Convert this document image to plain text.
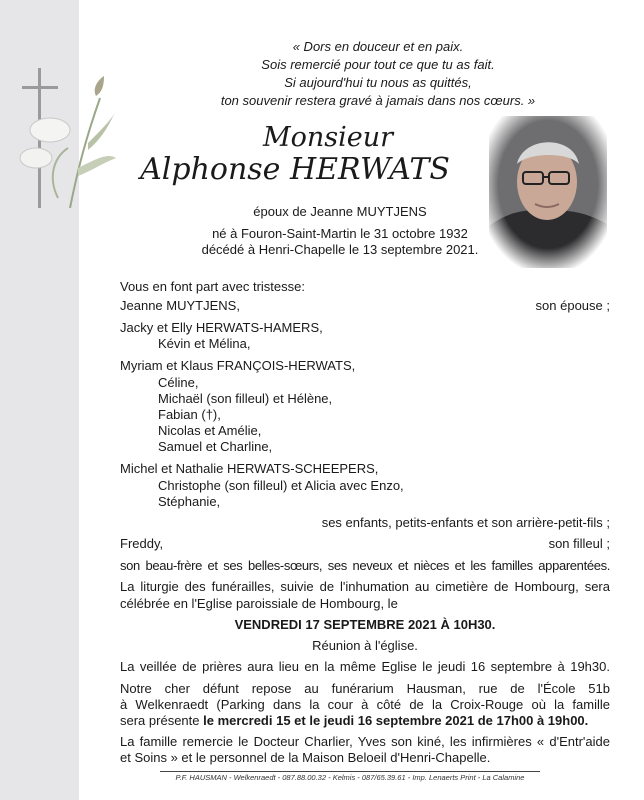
« Dors en douceur et en paix.
Sois remercié pour tout ce que tu as fait.
Si aujourd'hui tu nous as quittés,
ton souvenir restera gravé à jamais dans nos cœurs. »
Monsieur
Alphonse HERWATS
époux de Jeanne MUYTJENS
né à Fouron-Saint-Martin le 31 octobre 1932
décédé à Henri-Chapelle le 13 septembre 2021.
Vous en font part avec tristesse:
Jeanne MUYTJENS,	son épouse ;
Jacky et Elly HERWATS-HAMERS,
Kévin et Mélina,
Myriam et Klaus FRANÇOIS-HERWATS,
Céline,
Michaël (son filleul) et Hélène,
Fabian (†),
Nicolas et Amélie,
Samuel et Charline,
Michel et Nathalie HERWATS-SCHEEPERS,
Christophe (son filleul) et Alicia avec Enzo,
Stéphanie,
ses enfants, petits-enfants et son arrière-petit-fils ;
Freddy,	son filleul ;
son beau-frère et ses belles-sœurs, ses neveux et nièces et les familles apparentées.
La liturgie des funérailles, suivie de l'inhumation au cimetière de Hombourg, sera
célébrée en l'Eglise paroissiale de Hombourg, le
VENDREDI 17 SEPTEMBRE 2021 À 10H30.
Réunion à l'église.
La veillée de prières aura lieu en la même Eglise le jeudi 16 septembre à 19h30.
Notre cher défunt repose au funérarium Hausman, rue de l'École 51b
à Welkenraedt (Parking dans la cour à côté de la Croix-Rouge où la famille
sera présente le mercredi 15 et le jeudi 16 septembre 2021 de 17h00 à 19h00.
La famille remercie le Docteur Charlier, Yves son kiné, les infirmières « d'Entr'aide
et Soins » et le personnel de la Maison Beloeil d'Henri-Chapelle.
P.F. HAUSMAN - Welkenraedt - 087.88.00.32 - Kelmis - 087/65.39.61 - Imp. Lenaerts Print - La Calamine
